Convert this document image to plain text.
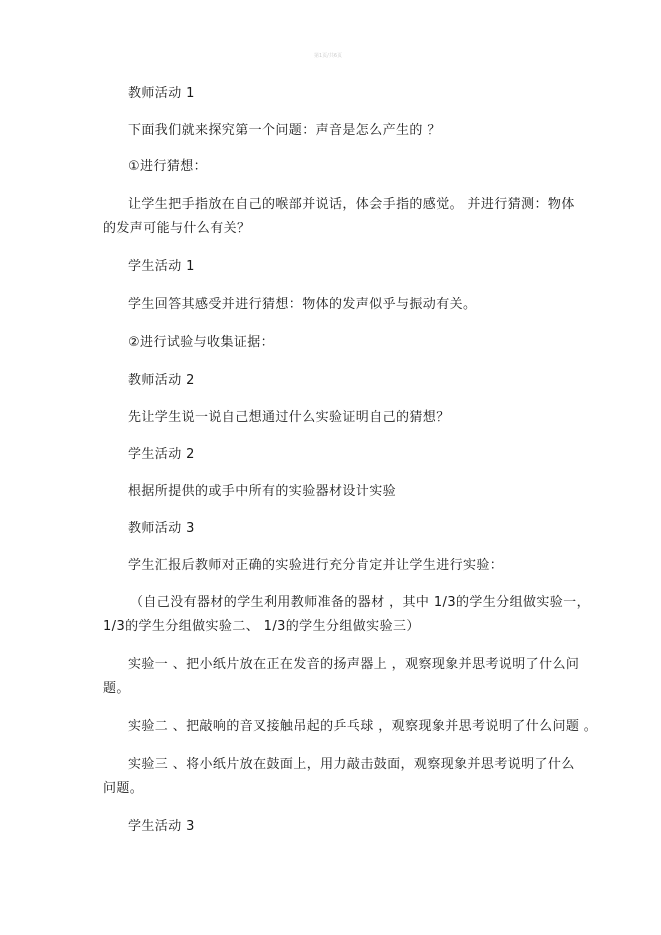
第1页/共6页
教师活动 1
下面我们就来探究第一个问题：声音是怎么产生的 ？
①进行猜想：
让学生把手指放在自己的喉部并说话，体会手指的感觉。 并进行猜测：物体
的发声可能与什么有关？
学生活动 1
学生回答其感受并进行猜想：物体的发声似乎与振动有关。
②进行试验与收集证据：
教师活动 2
先让学生说一说自己想通过什么实验证明自己的猜想？
学生活动 2
根据所提供的或手中所有的实验器材设计实验
教师活动 3
学生汇报后教师对正确的实验进行充分肯定并让学生进行实验：
（自己没有器材的学生利用教师准备的器材 ，其中 1/3的学生分组做实验一，
1/3的学生分组做实验二、 1/3的学生分组做实验三）
实验一 、把小纸片放在正在发音的扬声器上 ，观察现象并思考说明了什么问
题。
实验二 、把敲响的音叉接触吊起的乒乓球 ，观察现象并思考说明了什么问题 。
实验三 、将小纸片放在鼓面上，用力敲击鼓面，观察现象并思考说明了什么
问题。
学生活动 3
